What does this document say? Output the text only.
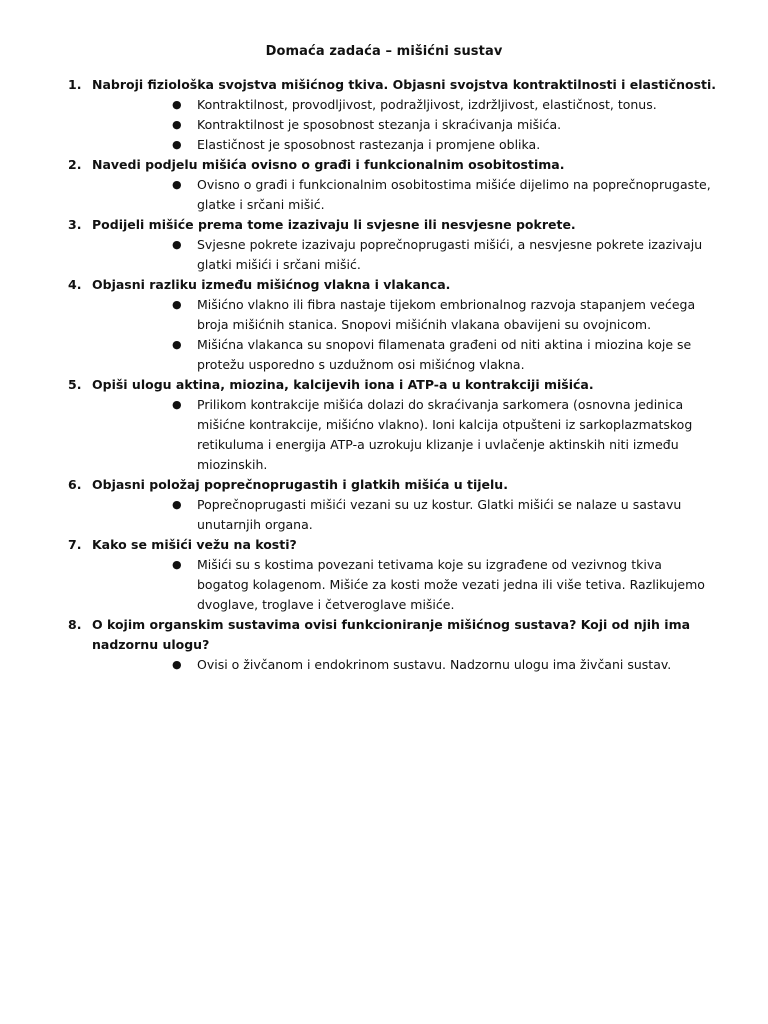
Domaća zadaća – mišićni sustav
1. Nabroji fiziološka svojstva mišićnog tkiva. Objasni svojstva kontraktilnosti i elastičnosti.
● Kontraktilnost, provodljivost, podražljivost, izdržljivost, elastičnost, tonus.
● Kontraktilnost je sposobnost stezanja i skraćivanja mišića.
● Elastičnost je sposobnost rastezanja i promjene oblika.
2. Navedi podjelu mišića ovisno o građi i funkcionalnim osobitostima.
● Ovisno o građi i funkcionalnim osobitostima mišiće dijelimo na poprečnoprugaste, glatke i srčani mišić.
3. Podijeli mišiće prema tome izazivaju li svjesne ili nesvjesne pokrete.
● Svjesne pokrete izazivaju poprečnoprugasti mišići, a nesvjesne pokrete izazivaju glatki mišići i srčani mišić.
4. Objasni razliku između mišićnog vlakna i vlakanca.
● Mišićno vlakno ili fibra nastaje tijekom embrionalnog razvoja stapanjem većega broja mišićnih stanica. Snopovi mišićnih vlakana obavijeni su ovojnicom.
● Mišićna vlakanca su snopovi filamenata građeni od niti aktina i miozina koje se protežu usporedno s uzdužnom osi mišićnog vlakna.
5. Opiši ulogu aktina, miozina, kalcijevih iona i ATP-a u kontrakciji mišića.
● Prilikom kontrakcije mišića dolazi do skraćivanja sarkomera (osnovna jedinica mišićne kontrakcije, mišićno vlakno). Ioni kalcija otpušteni iz sarkoplazmatskog retikuluma i energija ATP-a uzrokuju klizanje i uvlačenje aktinskih niti između miozinskih.
6. Objasni položaj poprečnoprugastih i glatkih mišića u tijelu.
● Poprečnoprugasti mišići vezani su uz kostur. Glatki mišići se nalaze u sastavu unutarnjih organa.
7. Kako se mišići vežu na kosti?
● Mišići su s kostima povezani tetivama koje su izgrađene od vezivnog tkiva bogatog kolagenom. Mišiće za kosti može vezati jedna ili više tetiva. Razlikujemo dvoglave, troglave i četveroglave mišiće.
8. O kojim organskim sustavima ovisi funkcioniranje mišićnog sustava? Koji od njih ima nadzornu ulogu?
● Ovisi o živčanom i endokrinom sustavu. Nadzornu ulogu ima živčani sustav.
